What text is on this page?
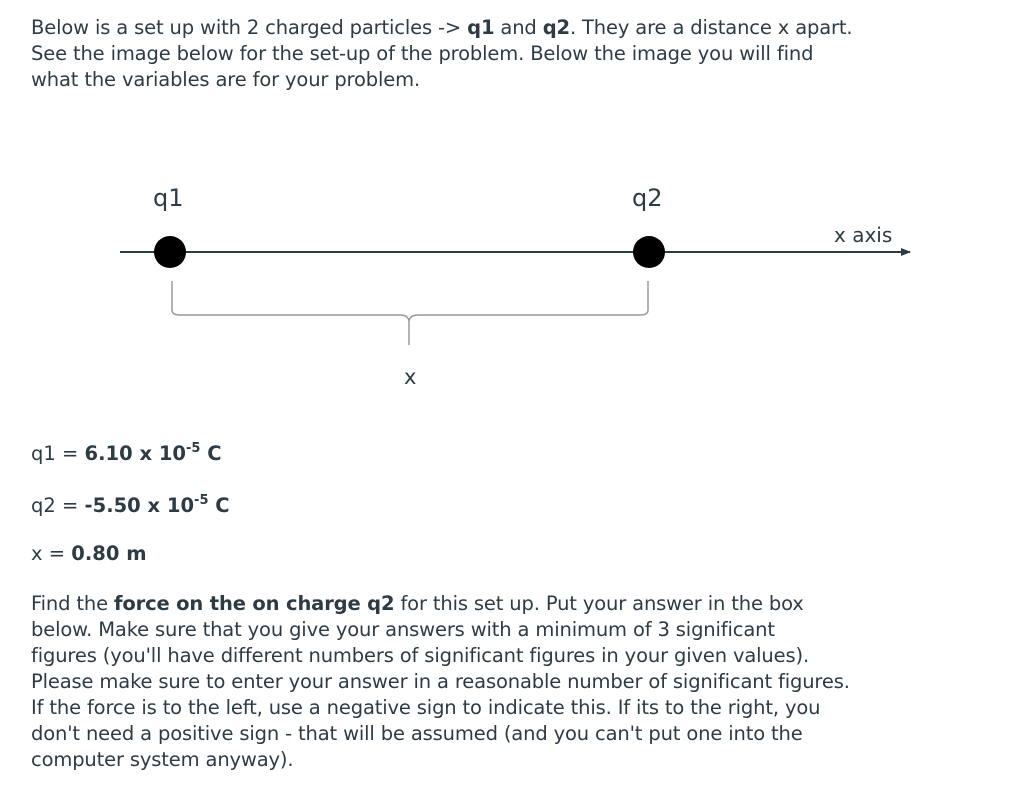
Below is a set up with 2 charged particles -> q1 and q2. They are a distance x apart.
See the image below for the set-up of the problem. Below the image you will find
what the variables are for your problem.
q1	q2
x axis
x
q1 = 6.10 x $10^{-5}$ C
q2 = -5.50 x $10^{-5}$ C
x = 0.80 m
Find the force on the on charge q2 for this set up. Put your answer in the box
below. Make sure that you give your answers with a minimum of 3 significant
figures (you'll have different numbers of significant figures in your given values).
Please make sure to enter your answer in a reasonable number of significant figures.
If the force is to the left, use a negative sign to indicate this. If its to the right, you
don't need a positive sign - that will be assumed (and you can't put one into the
computer system anyway).
